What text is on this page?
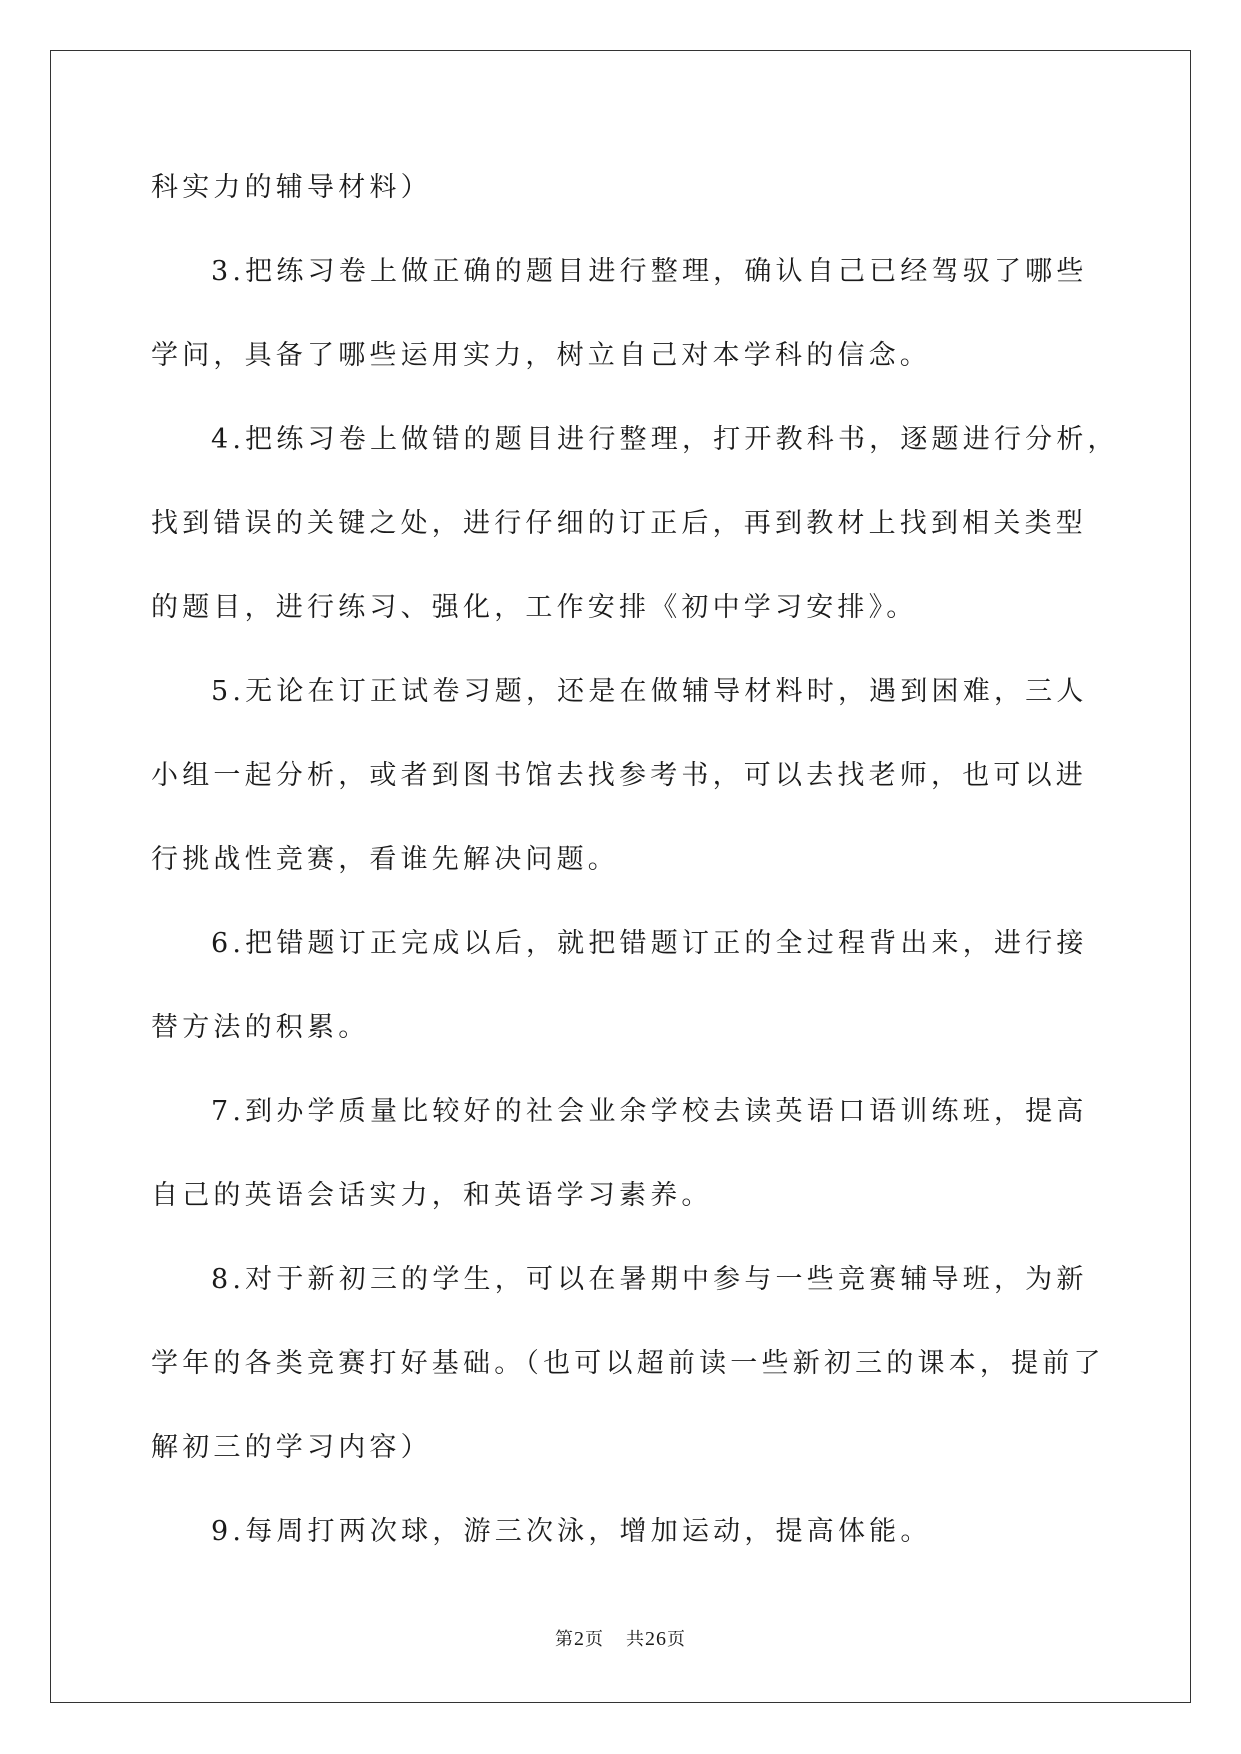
科实力的辅导材料）
3.把练习卷上做正确的题目进行整理，确认自己已经驾驭了哪些
学问，具备了哪些运用实力，树立自己对本学科的信念。
4.把练习卷上做错的题目进行整理，打开教科书，逐题进行分析，
找到错误的关键之处，进行仔细的订正后，再到教材上找到相关类型
的题目，进行练习、强化，工作安排《初中学习安排》。
5.无论在订正试卷习题，还是在做辅导材料时，遇到困难，三人
小组一起分析，或者到图书馆去找参考书，可以去找老师，也可以进
行挑战性竞赛，看谁先解决问题。
6.把错题订正完成以后，就把错题订正的全过程背出来，进行接
替方法的积累。
7.到办学质量比较好的社会业余学校去读英语口语训练班，提高
自己的英语会话实力，和英语学习素养。
8.对于新初三的学生，可以在暑期中参与一些竞赛辅导班，为新
学年的各类竞赛打好基础。（也可以超前读一些新初三的课本，提前了
解初三的学习内容）
9.每周打两次球，游三次泳，增加运动，提高体能。
第2页 共26页
